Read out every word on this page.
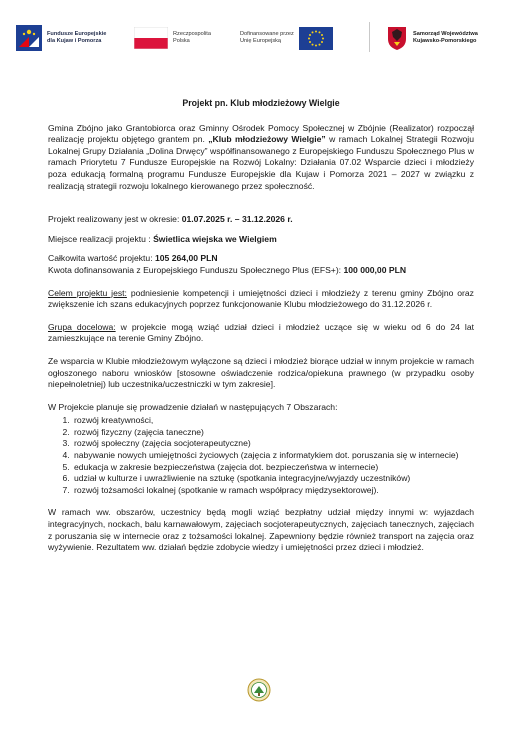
Fundusze Europejskie
dla Kujaw i Pomorza
Rzeczpospolita
Polska
Dofinansowane przez
Unię Europejską
Samorząd Województwa
Kujawsko-Pomorskiego

Projekt pn. Klub młodzieżowy Wielgie

Gmina Zbójno jako Grantobiorca oraz Gminny Ośrodek Pomocy Społecznej w Zbójnie (Realizator) rozpoczął realizację projektu objętego grantem pn. „Klub młodzieżowy Wielgie” w ramach Lokalnej Strategii Rozwoju Lokalnej Grupy Działania „Dolina Drwęcy” współfinansowanego z Europejskiego Funduszu Społecznego Plus w ramach Priorytetu 7 Fundusze Europejskie na Rozwój Lokalny: Działania 07.02 Wsparcie dzieci i młodzieży poza edukacją formalną programu Fundusze Europejskie dla Kujaw i Pomorza 2021 – 2027 w związku z realizacją strategii rozwoju lokalnego kierowanego przez społeczność.

Projekt realizowany jest w okresie: 01.07.2025 r. – 31.12.2026 r.

Miejsce realizacji projektu : Świetlica wiejska we Wielgiem

Całkowita wartość projektu: 105 264,00 PLN

Kwota dofinansowania z Europejskiego Funduszu Społecznego Plus (EFS+): 100 000,00 PLN

Celem projektu jest: podniesienie kompetencji i umiejętności dzieci i młodzieży z terenu gminy Zbójno oraz zwiększenie ich szans edukacyjnych poprzez funkcjonowanie Klubu młodzieżowego do 31.12.2026 r.

Grupa docelowa: w projekcie mogą wziąć udział dzieci i młodzież uczące się w wieku od 6 do 24 lat zamieszkujące na terenie Gminy Zbójno.

Ze wsparcia w Klubie młodzieżowym wyłączone są dzieci i młodzież biorące udział w innym projekcie w ramach ogłoszonego naboru wniosków [stosowne oświadczenie rodzica/opiekuna prawnego (w przypadku osoby niepełnoletniej) lub uczestnika/uczestniczki w tym zakresie].

W Projekcie planuje się prowadzenie działań w następujących 7 Obszarach:

1. rozwój kreatywności,
2. rozwój fizyczny (zajęcia taneczne)
3. rozwój społeczny (zajęcia socjoterapeutyczne)
4. nabywanie nowych umiejętności życiowych (zajęcia z informatykiem dot. poruszania się w internecie)
5. edukacja w zakresie bezpieczeństwa (zajęcia dot. bezpieczeństwa w internecie)
6. udział w kulturze i uwrażliwienie na sztukę (spotkania integracyjne/wyjazdy uczestników)
7. rozwój tożsamości lokalnej (spotkanie w ramach współpracy międzysektorowej).

W ramach ww. obszarów, uczestnicy będą mogli wziąć bezpłatny udział między innymi w: wyjazdach integracyjnych, nockach, balu karnawałowym, zajęciach socjoterapeutycznych, zajęciach tanecznych, zajęciach z poruszania się w internecie oraz z tożsamości lokalnej. Zapewniony będzie również transport na zajęcia oraz wyżywienie. Rezultatem ww. działań będzie zdobycie wiedzy i umiejętności przez dzieci i młodzież.
